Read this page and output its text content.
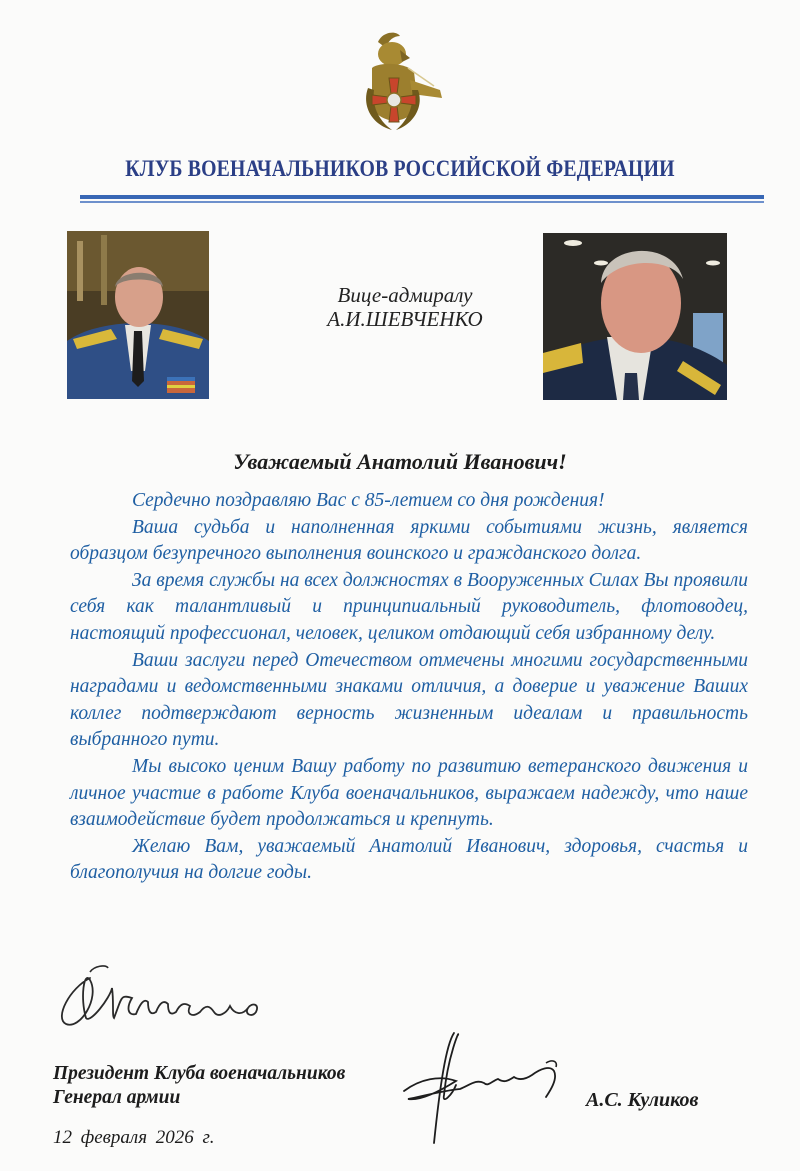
КЛУБ ВОЕНАЧАЛЬНИКОВ РОССИЙСКОЙ ФЕДЕРАЦИИ
Вице-адмиралу
А.И.ШЕВЧЕНКО
Уважаемый Анатолий Иванович!

Сердечно поздравляю Вас с 85-летием со дня рождения!

Ваша судьба и наполненная яркими событиями жизнь, является образцом безупречного выполнения воинского и гражданского долга.

За время службы на всех должностях в Вооруженных Силах Вы проявили себя как талантливый и принципиальный руководитель, флотоводец, настоящий профессионал, человек, целиком отдающий себя избранному делу.

Ваши заслуги перед Отечеством отмечены многими государственными наградами и ведомственными знаками отличия, а доверие и уважение Ваших коллег подтверждают верность жизненным идеалам и правильность выбранного пути.

Мы высоко ценим Вашу работу по развитию ветеранского движения и личное участие в работе Клуба военачальников, выражаем надежду, что наше взаимодействие будет продолжаться и крепнуть.

Желаю Вам, уважаемый Анатолий Иванович, здоровья, счастья и благополучия на долгие годы.

Президент Клуба военачальников
Генерал армии	А.С. Куликов
12 февраля 2026 г.
